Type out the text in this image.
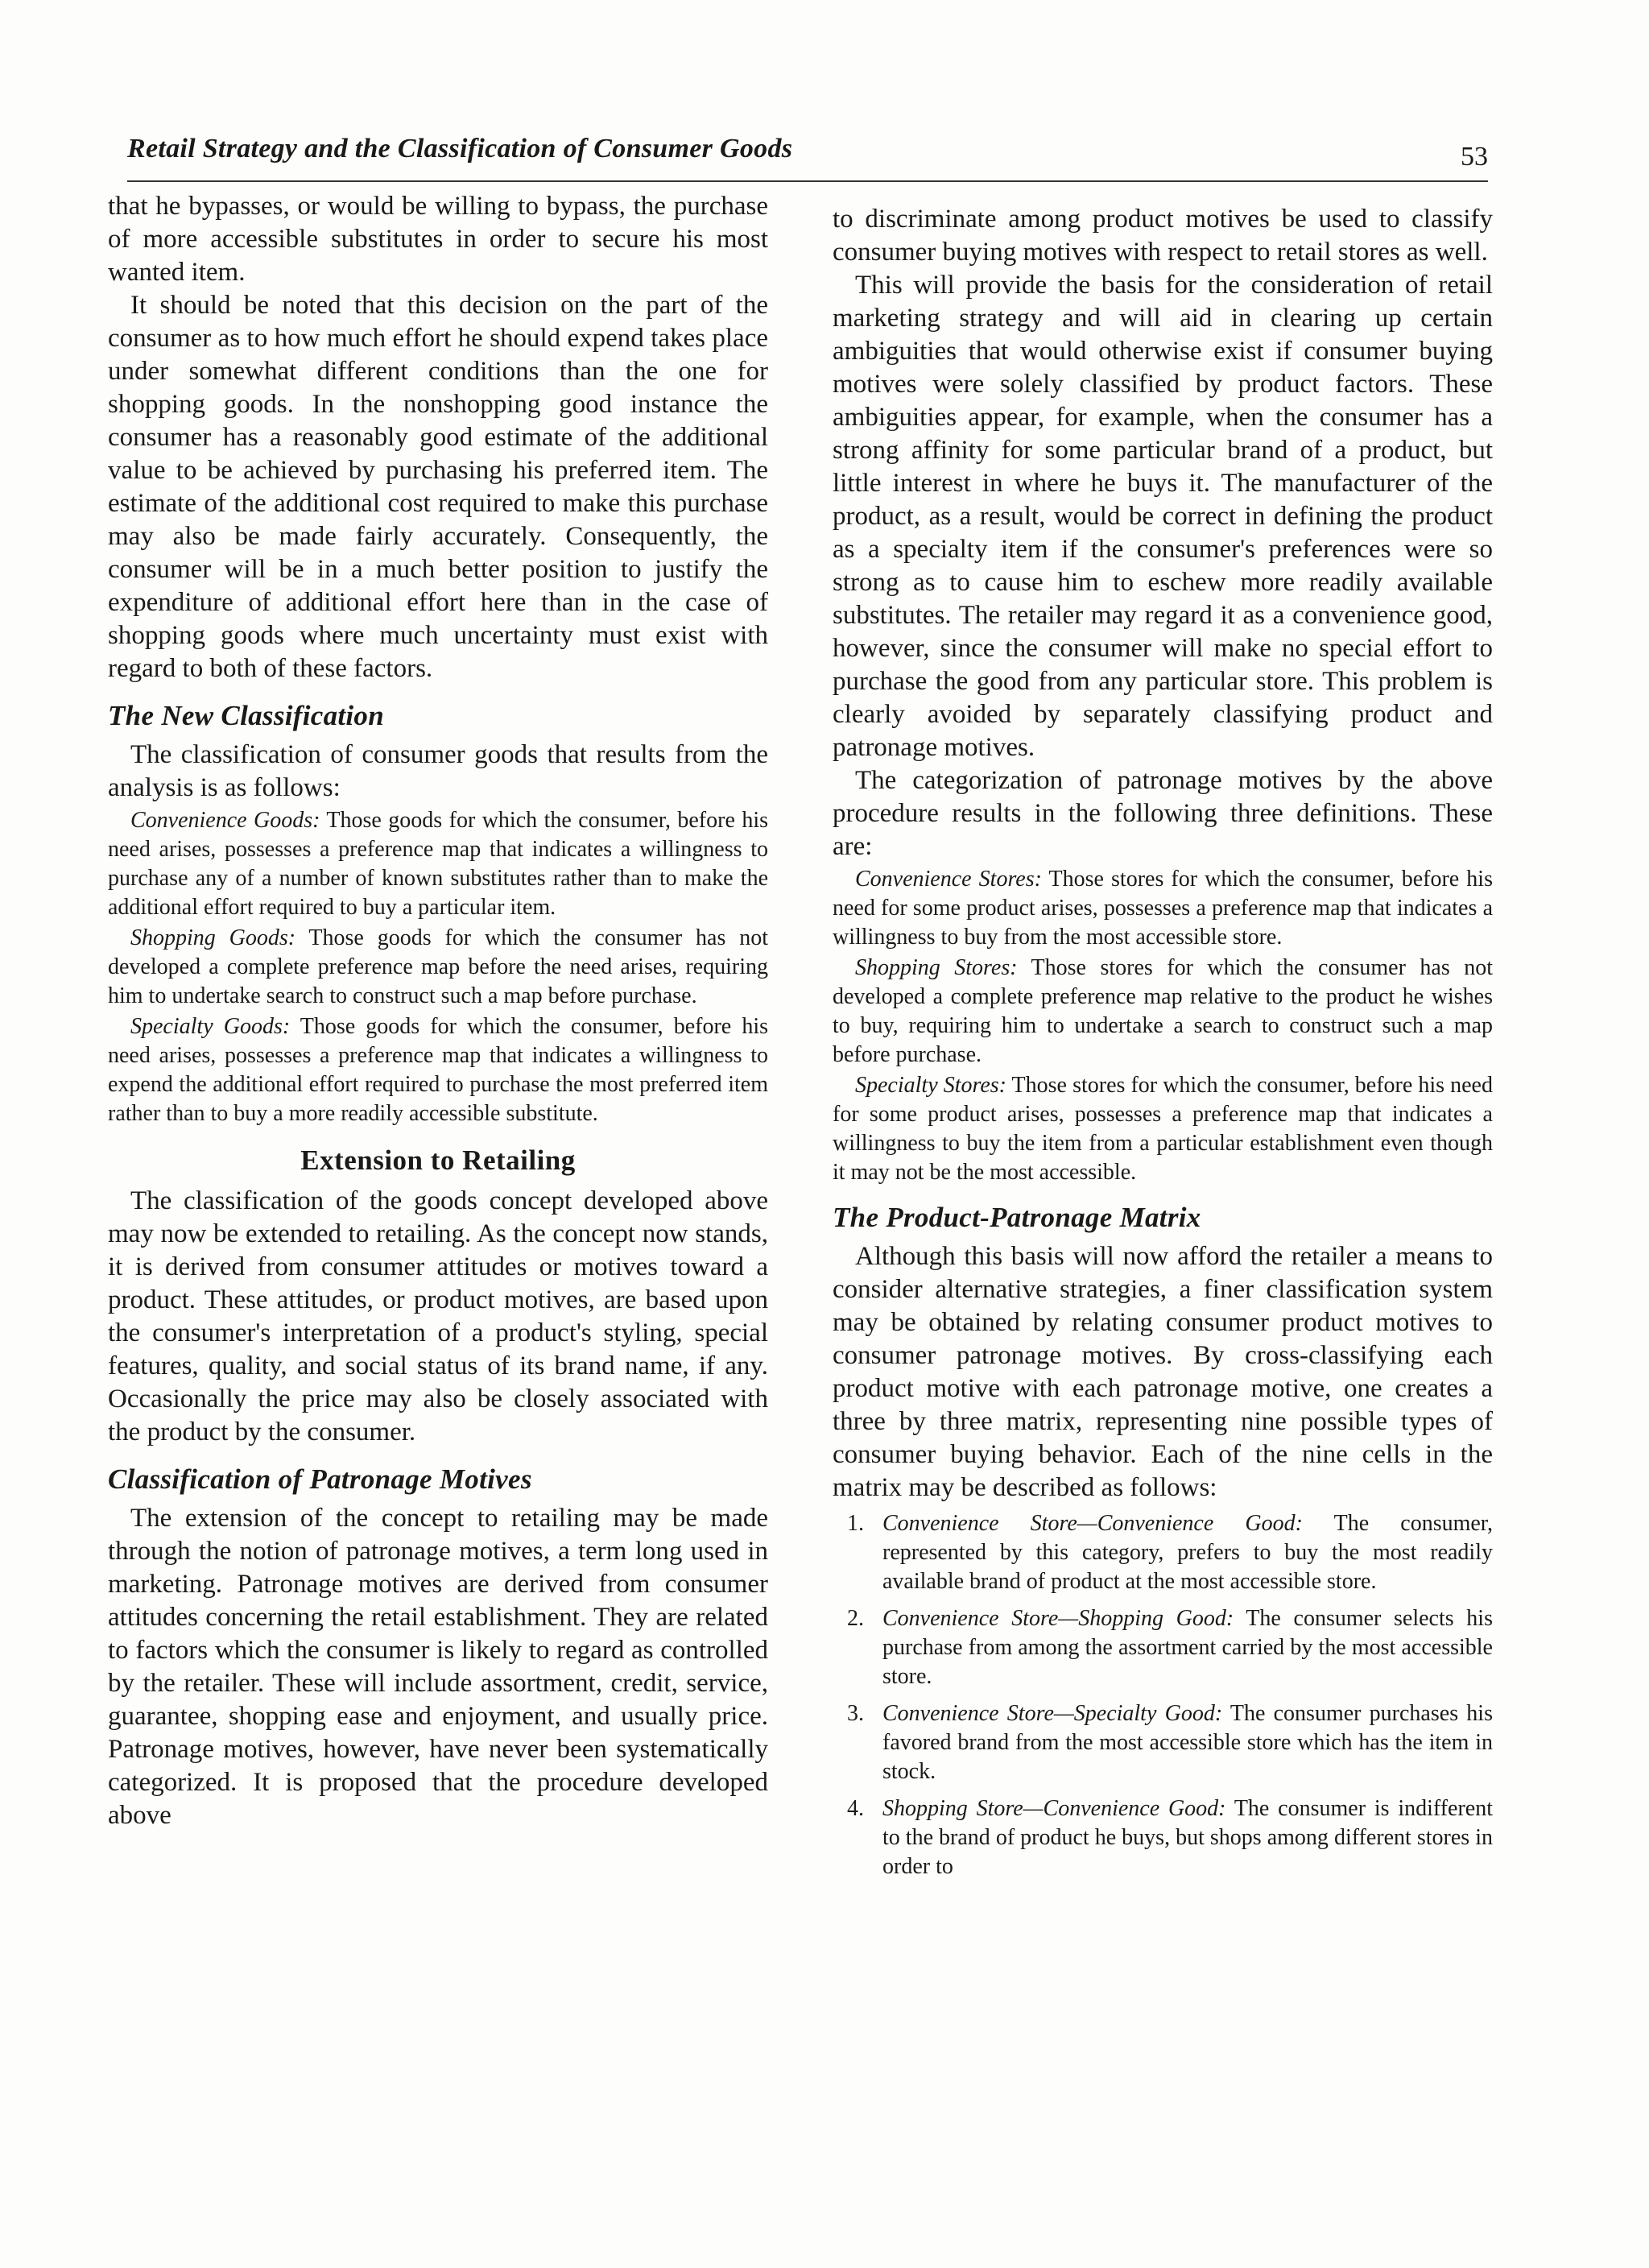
Retail Strategy and the Classification of Consumer Goods	53

that he bypasses, or would be willing to bypass, the purchase of more accessible substitutes in order to secure his most wanted item.

It should be noted that this decision on the part of the consumer as to how much effort he should expend takes place under somewhat different conditions than the one for shopping goods. In the nonshopping good instance the consumer has a reasonably good estimate of the additional value to be achieved by purchasing his preferred item. The estimate of the additional cost required to make this purchase may also be made fairly accurately. Consequently, the consumer will be in a much better position to justify the expenditure of additional effort here than in the case of shopping goods where much uncertainty must exist with regard to both of these factors.

The New Classification

The classification of consumer goods that results from the analysis is as follows:

Convenience Goods: Those goods for which the consumer, before his need arises, possesses a preference map that indicates a willingness to purchase any of a number of known substitutes rather than to make the additional effort required to buy a particular item.

Shopping Goods: Those goods for which the consumer has not developed a complete preference map before the need arises, requiring him to undertake search to construct such a map before purchase.

Specialty Goods: Those goods for which the consumer, before his need arises, possesses a preference map that indicates a willingness to expend the additional effort required to purchase the most preferred item rather than to buy a more readily accessible substitute.

Extension to Retailing

The classification of the goods concept developed above may now be extended to retailing. As the concept now stands, it is derived from consumer attitudes or motives toward a product. These attitudes, or product motives, are based upon the consumer's interpretation of a product's styling, special features, quality, and social status of its brand name, if any. Occasionally the price may also be closely associated with the product by the consumer.

Classification of Patronage Motives

The extension of the concept to retailing may be made through the notion of patronage motives, a term long used in marketing. Patronage motives are derived from consumer attitudes concerning the retail establishment. They are related to factors which the consumer is likely to regard as controlled by the retailer. These will include assortment, credit, service, guarantee, shopping ease and enjoyment, and usually price. Patronage motives, however, have never been systematically categorized. It is proposed that the procedure developed above

to discriminate among product motives be used to classify consumer buying motives with respect to retail stores as well.

This will provide the basis for the consideration of retail marketing strategy and will aid in clearing up certain ambiguities that would otherwise exist if consumer buying motives were solely classified by product factors. These ambiguities appear, for example, when the consumer has a strong affinity for some particular brand of a product, but little interest in where he buys it. The manufacturer of the product, as a result, would be correct in defining the product as a specialty item if the consumer's preferences were so strong as to cause him to eschew more readily available substitutes. The retailer may regard it as a convenience good, however, since the consumer will make no special effort to purchase the good from any particular store. This problem is clearly avoided by separately classifying product and patronage motives.

The categorization of patronage motives by the above procedure results in the following three definitions. These are:

Convenience Stores: Those stores for which the consumer, before his need for some product arises, possesses a preference map that indicates a willingness to buy from the most accessible store.

Shopping Stores: Those stores for which the consumer has not developed a complete preference map relative to the product he wishes to buy, requiring him to undertake a search to construct such a map before purchase.

Specialty Stores: Those stores for which the consumer, before his need for some product arises, possesses a preference map that indicates a willingness to buy the item from a particular establishment even though it may not be the most accessible.

The Product-Patronage Matrix

Although this basis will now afford the retailer a means to consider alternative strategies, a finer classification system may be obtained by relating consumer product motives to consumer patronage motives. By cross-classifying each product motive with each patronage motive, one creates a three by three matrix, representing nine possible types of consumer buying behavior. Each of the nine cells in the matrix may be described as follows:

1. Convenience Store—Convenience Good: The consumer, represented by this category, prefers to buy the most readily available brand of product at the most accessible store.
2. Convenience Store—Shopping Good: The consumer selects his purchase from among the assortment carried by the most accessible store.
3. Convenience Store—Specialty Good: The consumer purchases his favored brand from the most accessible store which has the item in stock.
4. Shopping Store—Convenience Good: The consumer is indifferent to the brand of product he buys, but shops among different stores in order to
